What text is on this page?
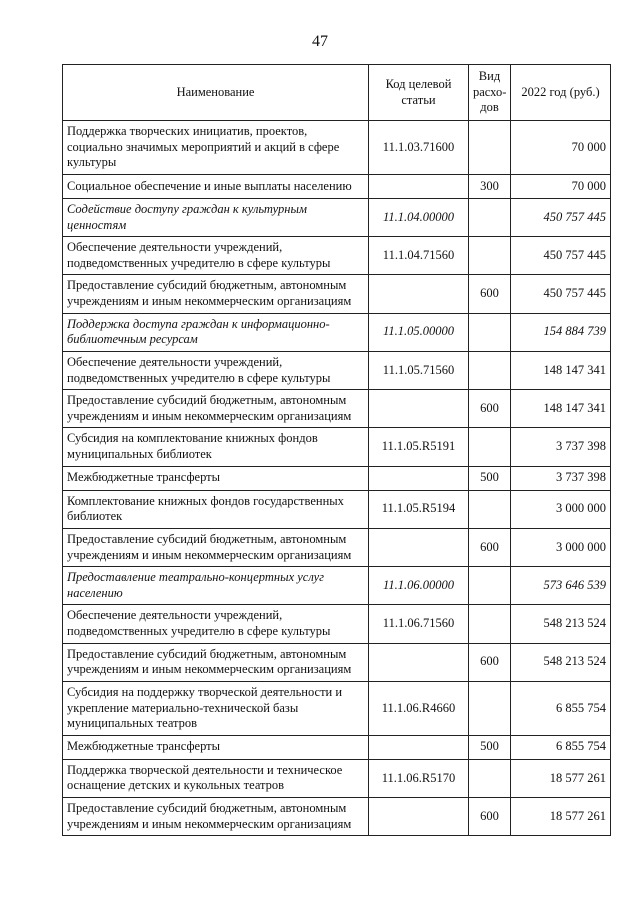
47
Наименование	Код целевой статьи	Вид расхо-дов	2022 год (руб.)
Поддержка творческих инициатив, проектов, социально значимых мероприятий и акций в сфере культуры	11.1.03.71600		70 000
Социальное обеспечение и иные выплаты населению		300	70 000
Содействие доступу граждан к культурным ценностям	11.1.04.00000		450 757 445
Обеспечение деятельности учреждений, подведомственных учредителю в сфере культуры	11.1.04.71560		450 757 445
Предоставление субсидий бюджетным, автономным учреждениям и иным некоммерческим организациям		600	450 757 445
Поддержка доступа граждан к информационно-библиотечным ресурсам	11.1.05.00000		154 884 739
Обеспечение деятельности учреждений, подведомственных учредителю в сфере культуры	11.1.05.71560		148 147 341
Предоставление субсидий бюджетным, автономным учреждениям и иным некоммерческим организациям		600	148 147 341
Субсидия на комплектование книжных фондов муниципальных библиотек	11.1.05.R5191		3 737 398
Межбюджетные трансферты		500	3 737 398
Комплектование книжных фондов государственных библиотек	11.1.05.R5194		3 000 000
Предоставление субсидий бюджетным, автономным учреждениям и иным некоммерческим организациям		600	3 000 000
Предоставление театрально-концертных услуг населению	11.1.06.00000		573 646 539
Обеспечение деятельности учреждений, подведомственных учредителю в сфере культуры	11.1.06.71560		548 213 524
Предоставление субсидий бюджетным, автономным учреждениям и иным некоммерческим организациям		600	548 213 524
Субсидия на поддержку творческой деятельности и укрепление материально-технической базы муниципальных театров	11.1.06.R4660		6 855 754
Межбюджетные трансферты		500	6 855 754
Поддержка творческой деятельности и техническое оснащение детских и кукольных театров	11.1.06.R5170		18 577 261
Предоставление субсидий бюджетным, автономным учреждениям и иным некоммерческим организациям		600	18 577 261
